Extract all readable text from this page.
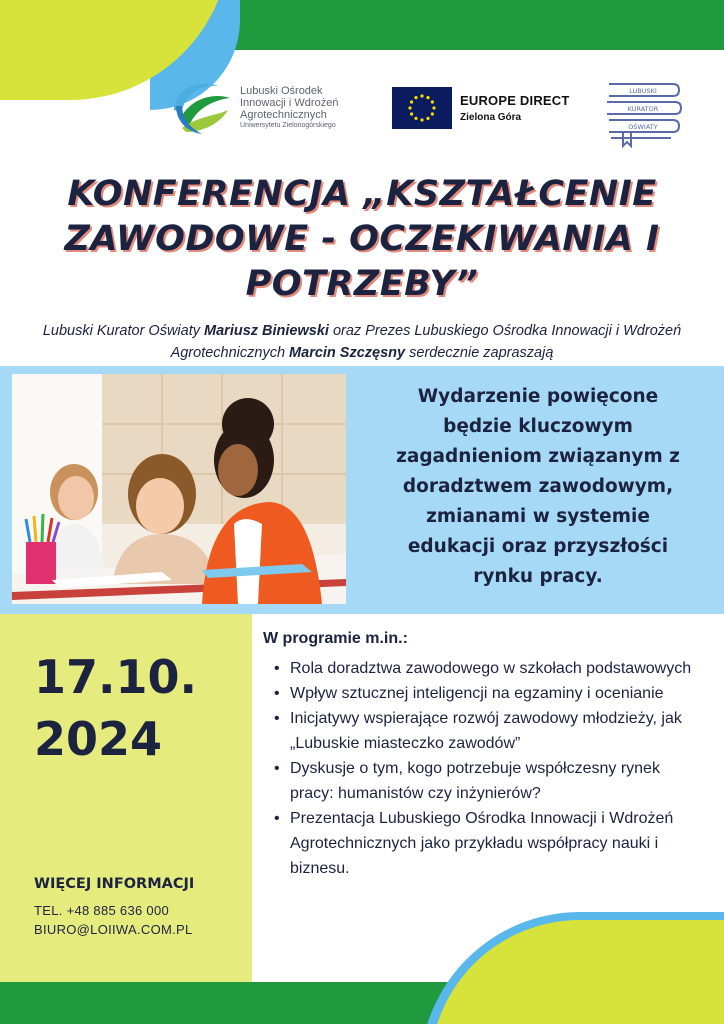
Lubuski Ośrodek
Innowacji i Wdrożeń
Agrotechnicznych
Uniwersytetu Zielonogórskiego
EUROPE DIRECT
Zielona Góra
LUBUSKI
KURATOR
OŚWIATY
KONFERENCJA „KSZTAŁCENIE
ZAWODOWE - OCZEKIWANIA I
POTRZEBY”

Lubuski Kurator Oświaty Mariusz Biniewski oraz Prezes Lubuskiego Ośrodka Innowacji i Wdrożeń
Agrotechnicznych Marcin Szczęsny serdecznie zapraszają

Wydarzenie powięcone
będzie kluczowym
zagadnieniom związanym z
doradztwem zawodowym,
zmianami w systemie
edukacji oraz przyszłości
rynku pracy.
17.10.
2024
WIĘCEJ INFORMACJI
TEL. +48 885 636 000
BIURO@LOIIWA.COM.PL
W programie m.in.:
• Rola doradztwa zawodowego w szkołach podstawowych
• Wpływ sztucznej inteligencji na egzaminy i ocenianie
• Inicjatywy wspierające rozwój zawodowy młodzieży, jak „Lubuskie miasteczko zawodów”
• Dyskusje o tym, kogo potrzebuje współczesny rynek pracy: humanistów czy inżynierów?
• Prezentacja Lubuskiego Ośrodka Innowacji i Wdrożeń Agrotechnicznych jako przykładu współpracy nauki i biznesu.
